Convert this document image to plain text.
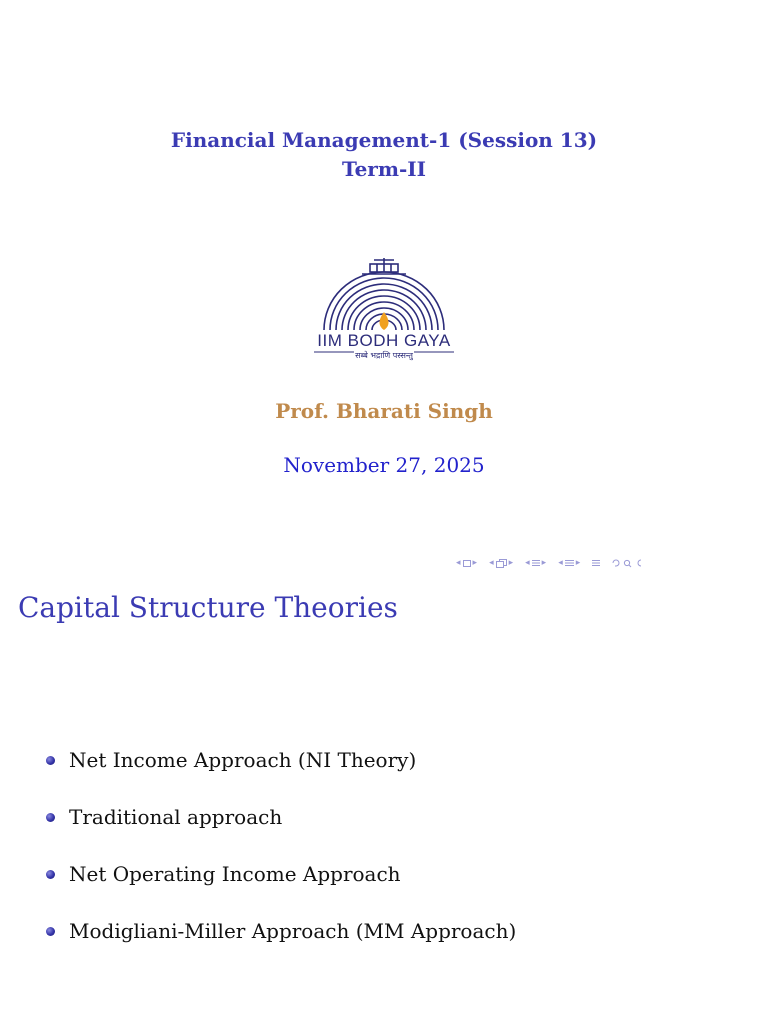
Financial Management-1 (Session 13)
Term-II
IIM BODH GAYA
सब्बे भद्राणि पस्सन्तु
Prof. Bharati Singh
November 27, 2025
◂ ▸ ◂ ▸ ◂ ▸ ◂ ▸
Capital Structure Theories
Net Income Approach (NI Theory)
Traditional approach
Net Operating Income Approach
Modigliani-Miller Approach (MM Approach)
